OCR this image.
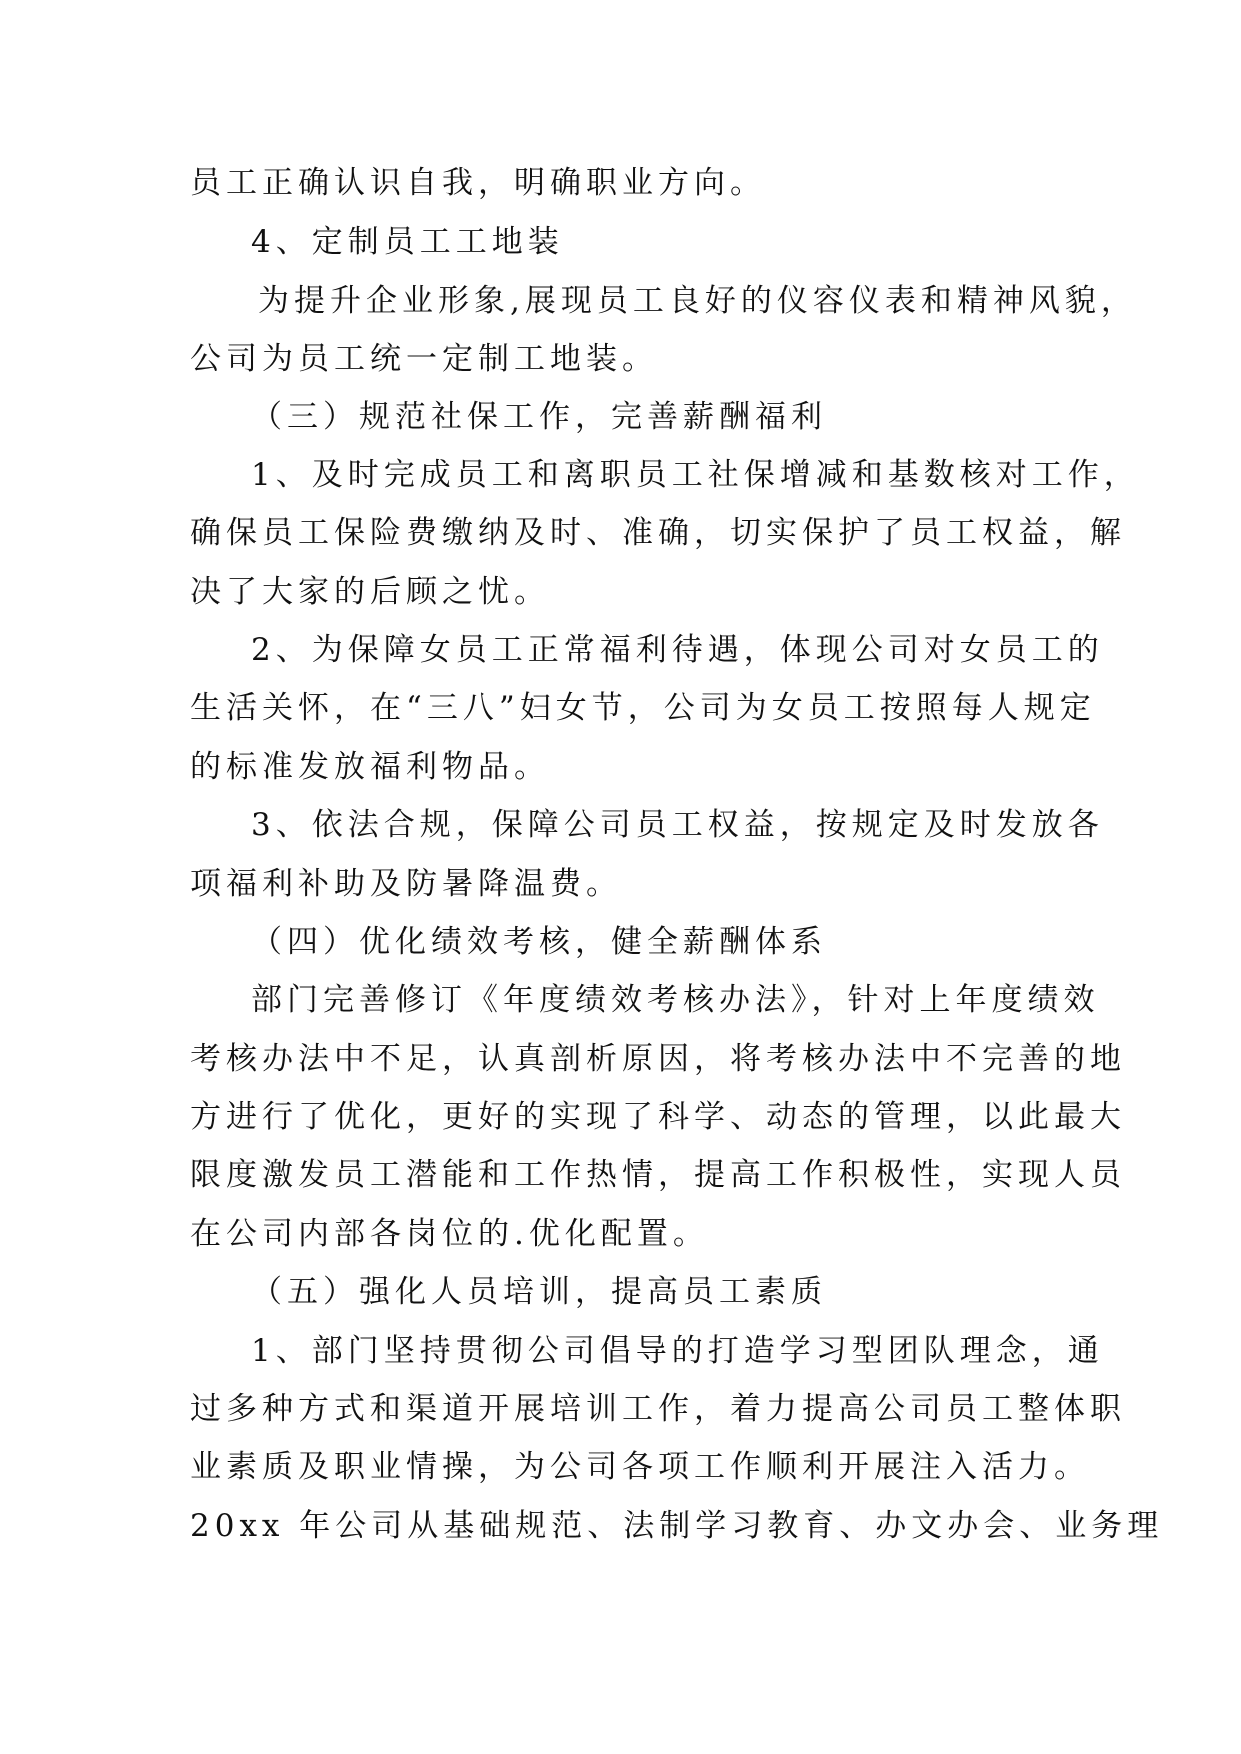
员工正确认识自我，明确职业方向。
4、定制员工工地装
为提升企业形象,展现员工良好的仪容仪表和精神风貌，
公司为员工统一定制工地装。
（三）规范社保工作，完善薪酬福利
1、及时完成员工和离职员工社保增减和基数核对工作，
确保员工保险费缴纳及时、准确，切实保护了员工权益，解
决了大家的后顾之忧。
2、为保障女员工正常福利待遇，体现公司对女员工的
生活关怀，在“三八”妇女节，公司为女员工按照每人规定
的标准发放福利物品。
3、依法合规，保障公司员工权益，按规定及时发放各
项福利补助及防暑降温费。
（四）优化绩效考核，健全薪酬体系
部门完善修订《年度绩效考核办法》，针对上年度绩效
考核办法中不足，认真剖析原因，将考核办法中不完善的地
方进行了优化，更好的实现了科学、动态的管理，以此最大
限度激发员工潜能和工作热情，提高工作积极性，实现人员
在公司内部各岗位的.优化配置。
（五）强化人员培训，提高员工素质
1、部门坚持贯彻公司倡导的打造学习型团队理念，通
过多种方式和渠道开展培训工作，着力提高公司员工整体职
业素质及职业情操，为公司各项工作顺利开展注入活力。
20xx 年公司从基础规范、法制学习教育、办文办会、业务理
